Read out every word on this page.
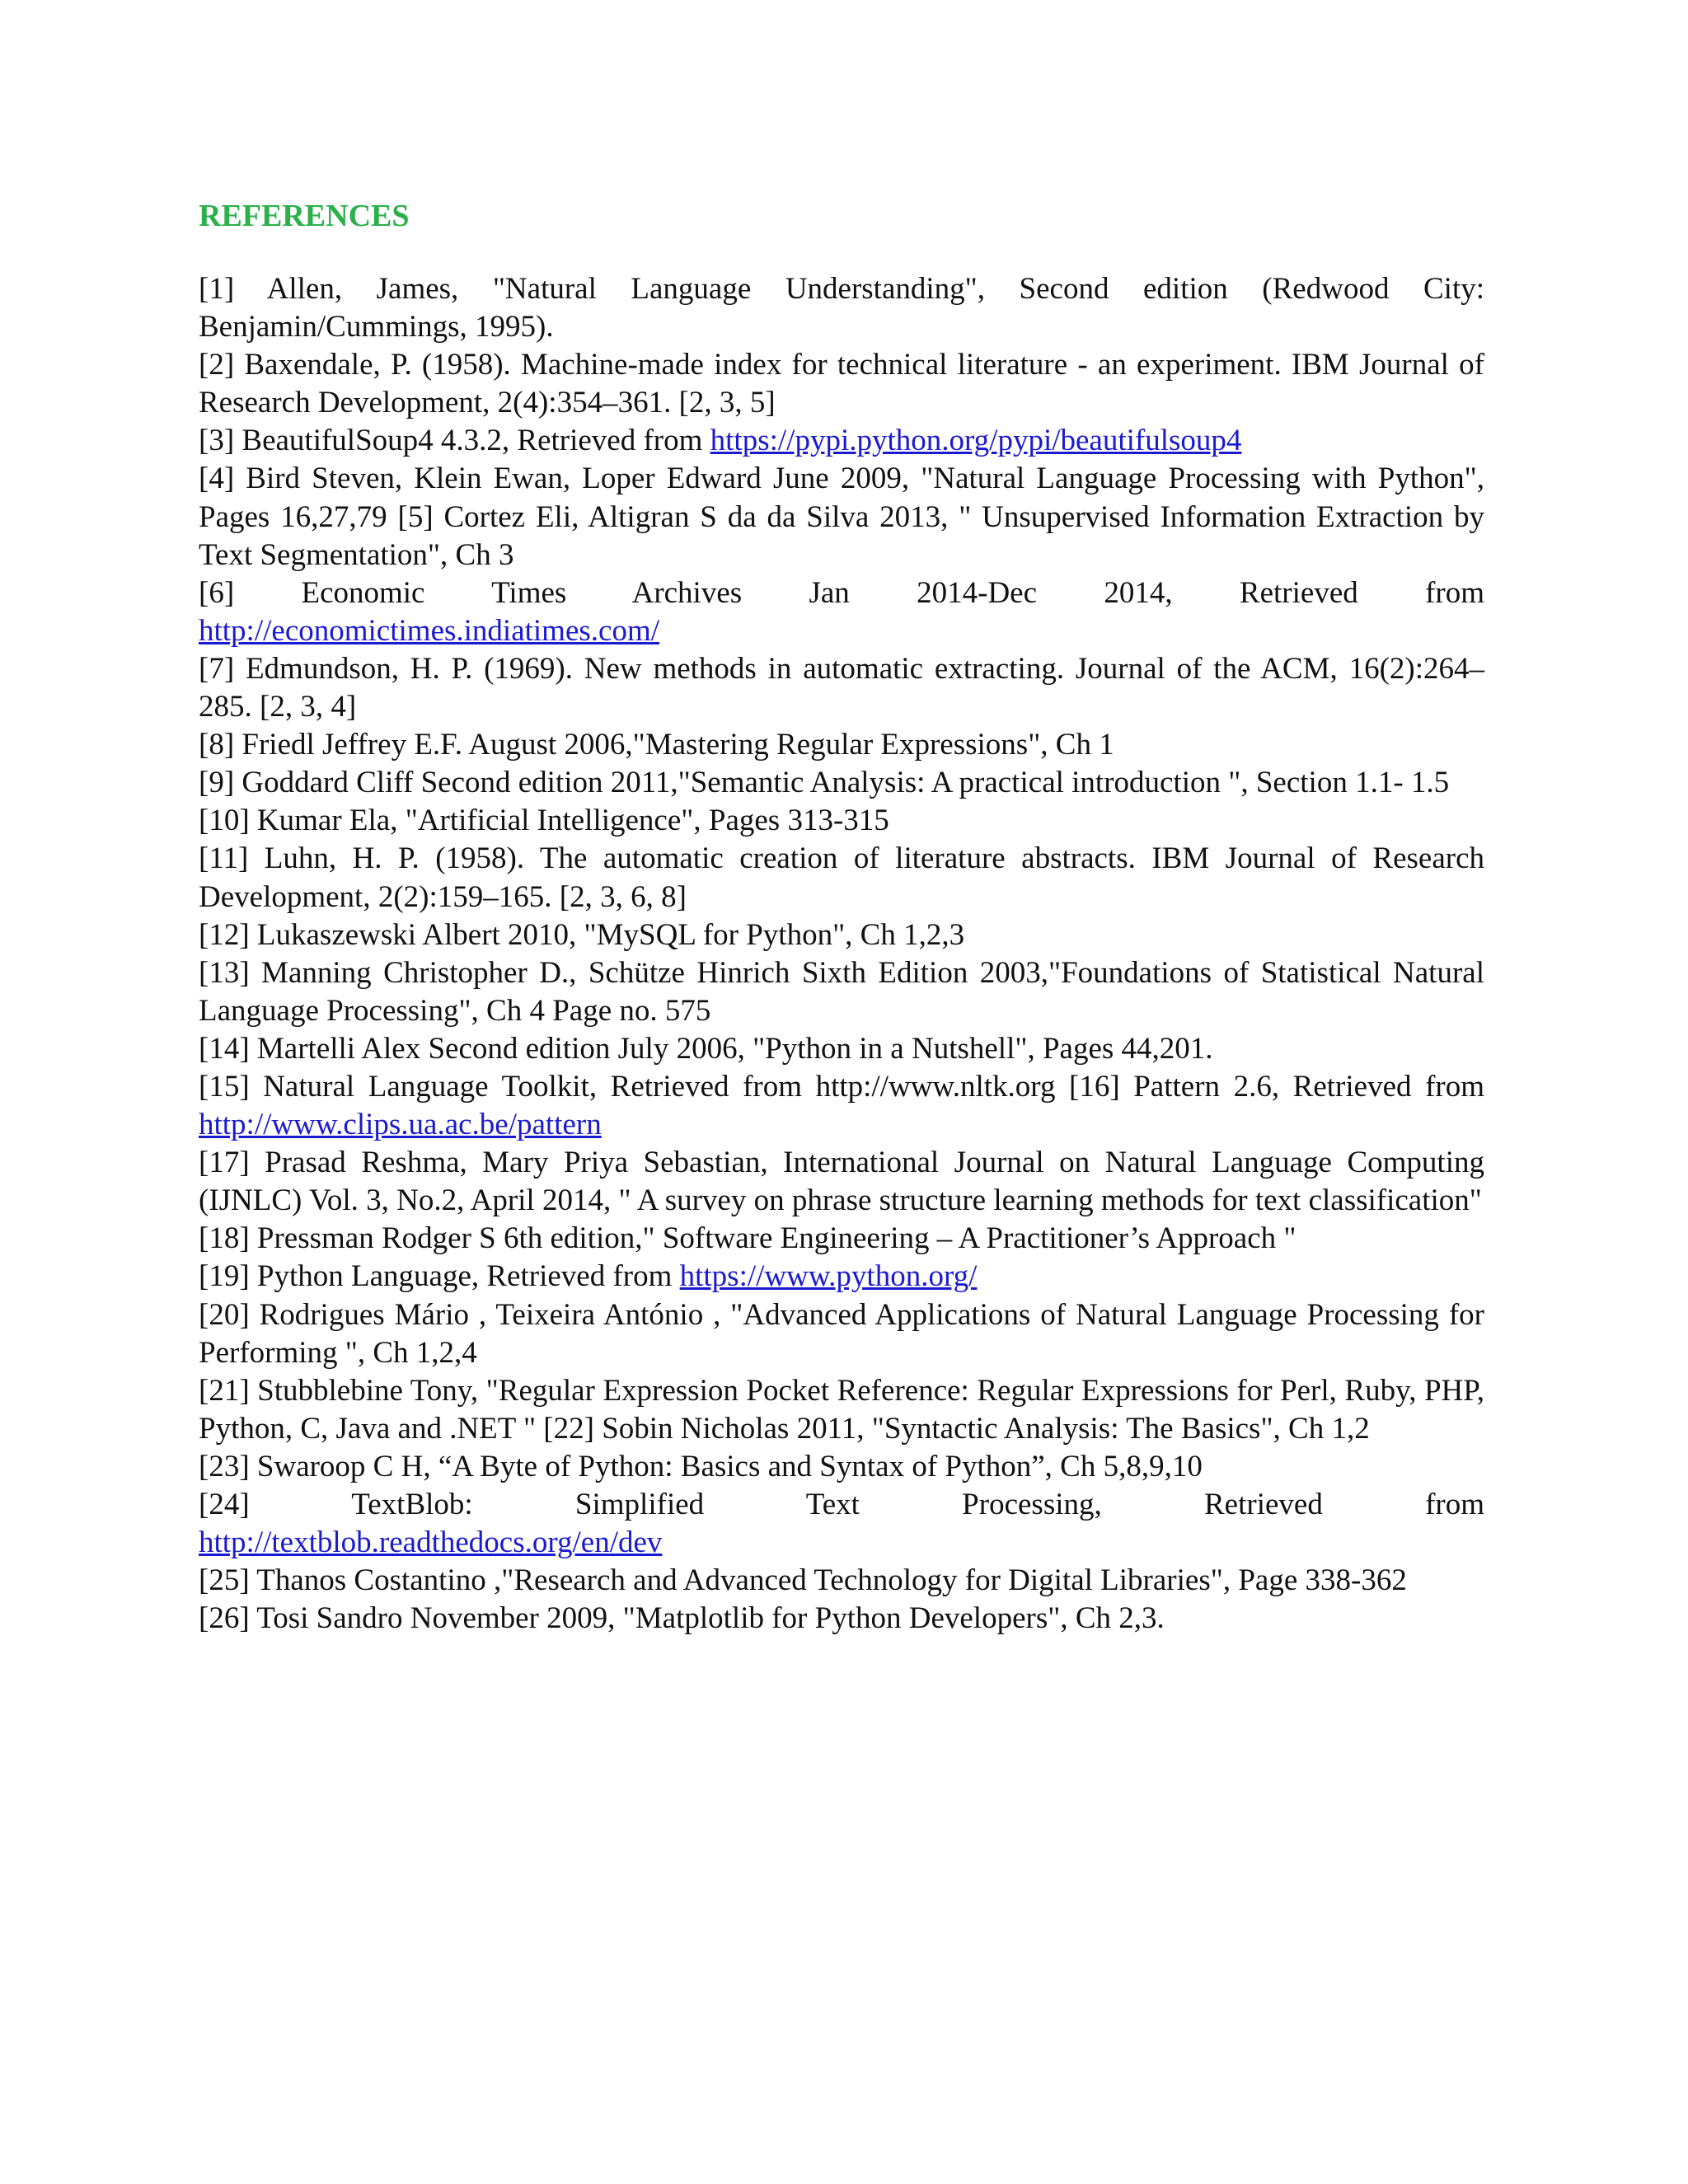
REFERENCES

[1] Allen, James, "Natural Language Understanding", Second edition (Redwood City: Benjamin/Cummings, 1995).

[2] Baxendale, P. (1958). Machine-made index for technical literature - an experiment. IBM Journal of Research Development, 2(4):354–361. [2, 3, 5]

[3] BeautifulSoup4 4.3.2, Retrieved from https://pypi.python.org/pypi/beautifulsoup4

[4] Bird Steven, Klein Ewan, Loper Edward June 2009, "Natural Language Processing with Python", Pages 16,27,79 [5] Cortez Eli, Altigran S da da Silva 2013, " Unsupervised Information Extraction by Text Segmentation", Ch 3

[6] Economic Times Archives Jan 2014-Dec 2014, Retrieved from
http://economictimes.indiatimes.com/

[7] Edmundson, H. P. (1969). New methods in automatic extracting. Journal of the ACM, 16(2):264–285. [2, 3, 4]

[8] Friedl Jeffrey E.F. August 2006,"Mastering Regular Expressions", Ch 1

[9] Goddard Cliff Second edition 2011,"Semantic Analysis: A practical introduction ", Section 1.1- 1.5

[10] Kumar Ela, "Artificial Intelligence", Pages 313-315

[11] Luhn, H. P. (1958). The automatic creation of literature abstracts. IBM Journal of Research Development, 2(2):159–165. [2, 3, 6, 8]

[12] Lukaszewski Albert 2010, "MySQL for Python", Ch 1,2,3

[13] Manning Christopher D., Schütze Hinrich Sixth Edition 2003,"Foundations of Statistical Natural Language Processing", Ch 4 Page no. 575

[14] Martelli Alex Second edition July 2006, "Python in a Nutshell", Pages 44,201.

[15] Natural Language Toolkit, Retrieved from http://www.nltk.org [16] Pattern 2.6, Retrieved from http://www.clips.ua.ac.be/pattern

[17] Prasad Reshma, Mary Priya Sebastian, International Journal on Natural Language Computing (IJNLC) Vol. 3, No.2, April 2014, " A survey on phrase structure learning methods for text classification"

[18] Pressman Rodger S 6th edition," Software Engineering – A Practitioner’s Approach "

[19] Python Language, Retrieved from https://www.python.org/

[20] Rodrigues Mário , Teixeira António , "Advanced Applications of Natural Language Processing for Performing ", Ch 1,2,4

[21] Stubblebine Tony, "Regular Expression Pocket Reference: Regular Expressions for Perl, Ruby, PHP, Python, C, Java and .NET " [22] Sobin Nicholas 2011, "Syntactic Analysis: The Basics", Ch 1,2

[23] Swaroop C H, “A Byte of Python: Basics and Syntax of Python”, Ch 5,8,9,10

[24] TextBlob: Simplified Text Processing, Retrieved from
http://textblob.readthedocs.org/en/dev

[25] Thanos Costantino ,"Research and Advanced Technology for Digital Libraries", Page 338-362

[26] Tosi Sandro November 2009, "Matplotlib for Python Developers", Ch 2,3.
